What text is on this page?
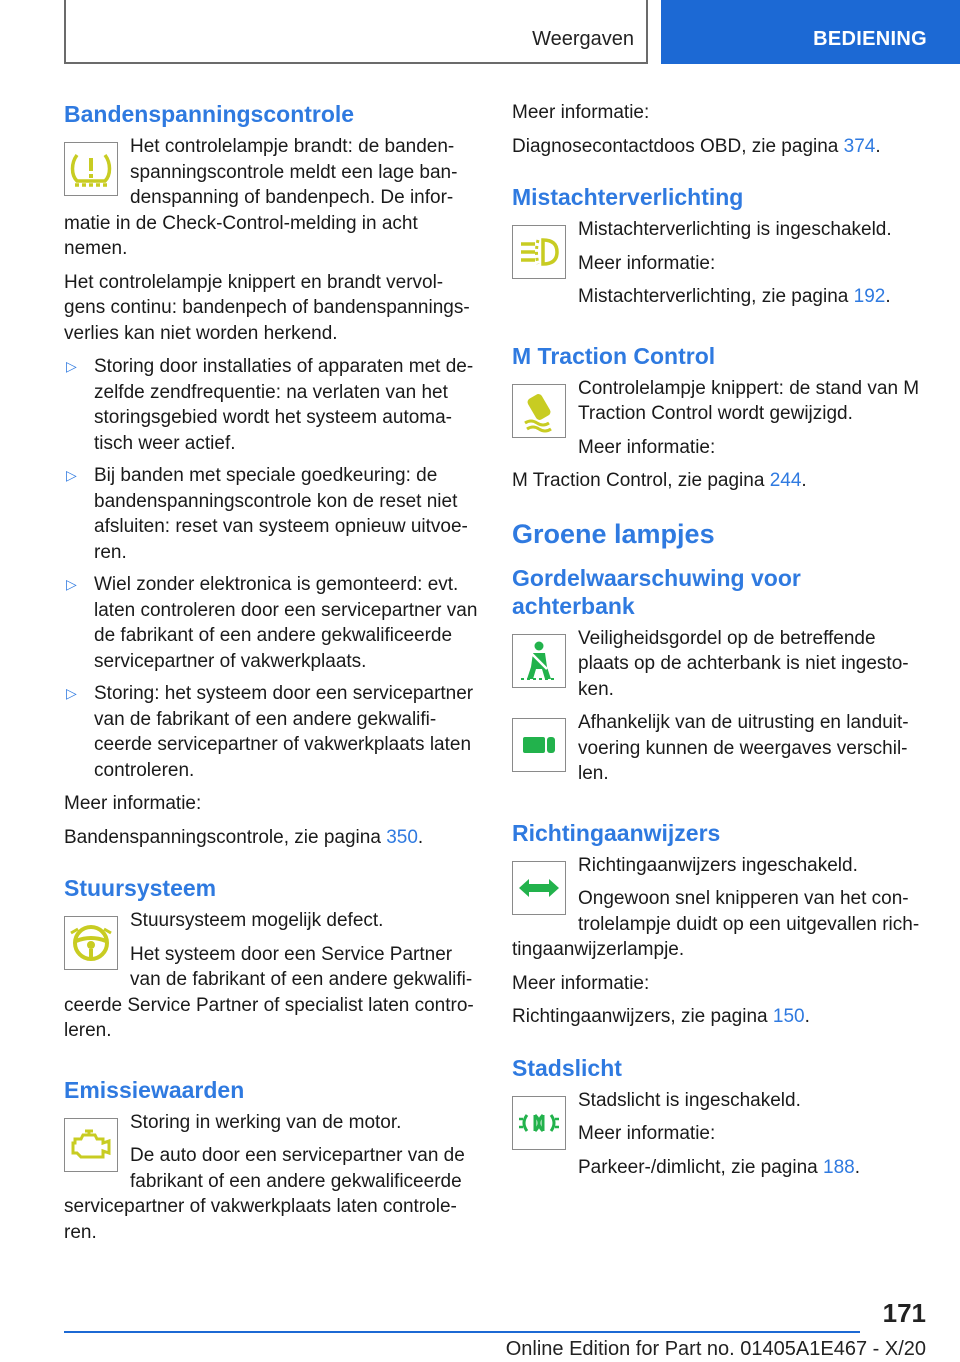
Weergaven	BEDIENING
Bandenspanningscontrole

Het controlelampje brandt: de banden-spanningscontrole meldt een lage ban-denspanning of bandenpech. De infor-matie in de Check-Control-melding in acht nemen.

Het controlelampje knippert en brandt vervol-gens continu: bandenpech of bandenspannings-verlies kan niet worden herkend.

▷ Storing door installaties of apparaten met de-zelfde zendfrequentie: na verlaten van het storingsgebied wordt het systeem automa-tisch weer actief.
▷ Bij banden met speciale goedkeuring: de bandenspanningscontrole kon de reset niet afsluiten: reset van systeem opnieuw uitvoe-ren.
▷ Wiel zonder elektronica is gemonteerd: evt. laten controleren door een servicepartner van de fabrikant of een andere gekwalificeerde servicepartner of vakwerkplaats.
▷ Storing: het systeem door een servicepartner van de fabrikant of een andere gekwalifi-ceerde servicepartner of vakwerkplaats laten controleren.

Meer informatie:

Bandenspanningscontrole, zie pagina 350.

Stuursysteem

Stuursysteem mogelijk defect.

Het systeem door een Service Partner van de fabrikant of een andere gekwalifi-ceerde Service Partner of specialist laten contro-leren.

Emissiewaarden

Storing in werking van de motor.

De auto door een servicepartner van de fabrikant of een andere gekwalificeerde servicepartner of vakwerkplaats laten controle-ren.

Meer informatie:

Diagnosecontactdoos OBD, zie pagina 374.

Mistachterverlichting

Mistachterverlichting is ingeschakeld.

Meer informatie:

Mistachterverlichting, zie pagina 192.

M Traction Control

Controlelampje knippert: de stand van M Traction Control wordt gewijzigd.

Meer informatie:

M Traction Control, zie pagina 244.

Groene lampjes
Gordelwaarschuwing voor achterbank

Veiligheidsgordel op de betreffende plaats op de achterbank is niet ingesto-ken.

Afhankelijk van de uitrusting en landuit-voering kunnen de weergaves verschil-len.

Richtingaanwijzers

Richtingaanwijzers ingeschakeld.

Ongewoon snel knipperen van het con-trolelampje duidt op een uitgevallen rich-tingaanwijzerlampje.

Meer informatie:

Richtingaanwijzers, zie pagina 150.

Stadslicht

Stadslicht is ingeschakeld.

Meer informatie:

Parkeer-/dimlicht, zie pagina 188.

171
Online Edition for Part no. 01405A1E467 - X/20
